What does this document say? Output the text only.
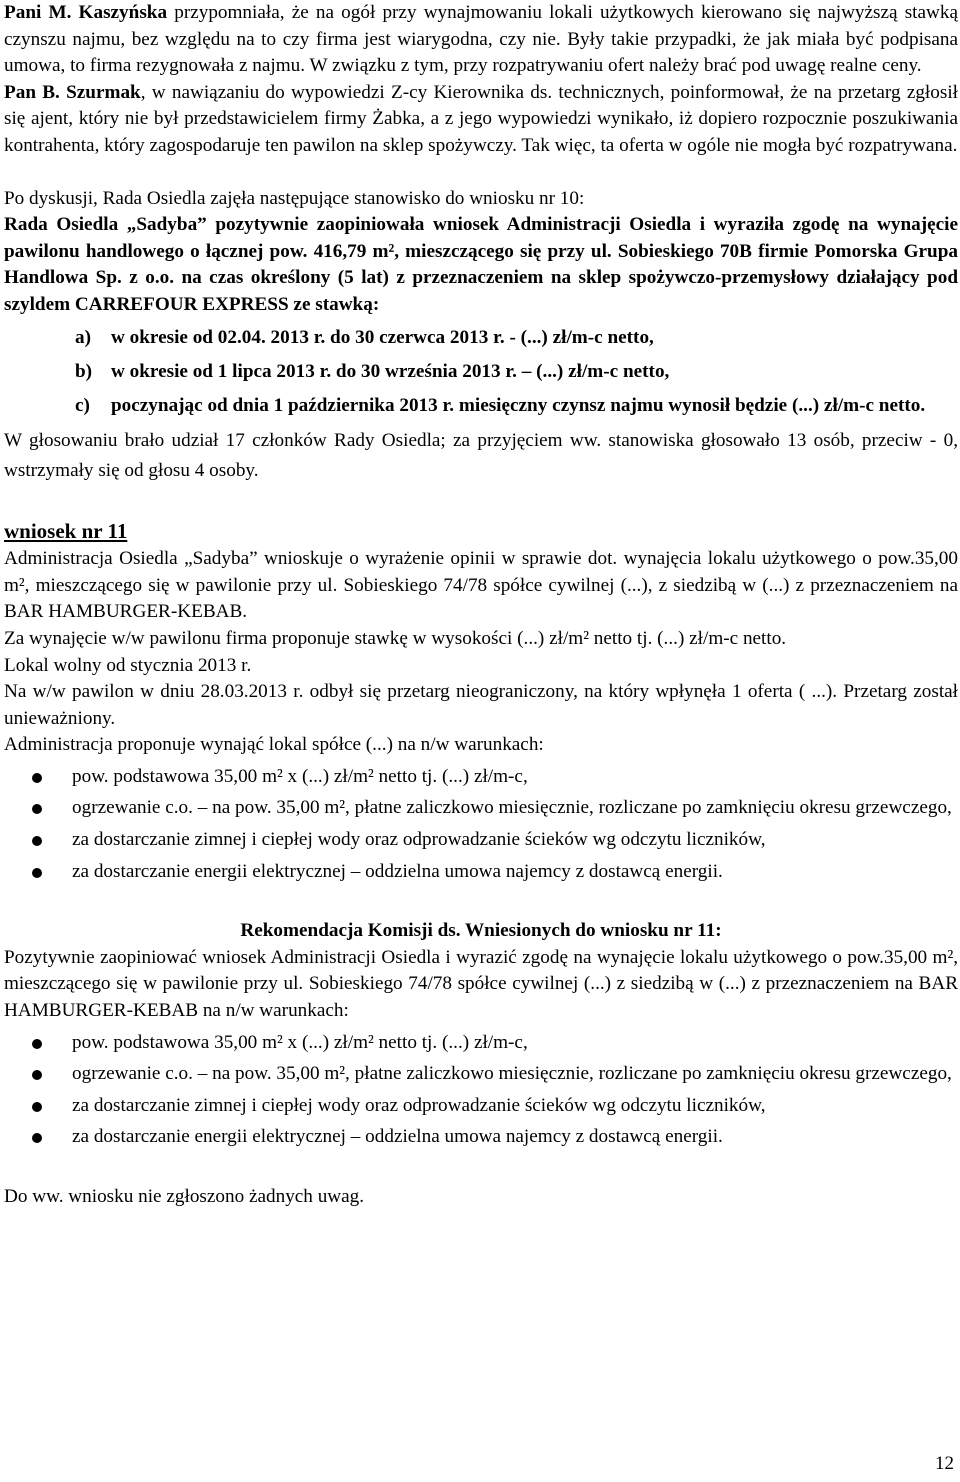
Pani M. Kaszyńska przypomniała, że na ogół przy wynajmowaniu lokali użytkowych kierowano się najwyższą stawką czynszu najmu, bez względu na to czy firma jest wiarygodna, czy nie. Były takie przypadki, że jak miała być podpisana umowa, to firma rezygnowała z najmu. W związku z tym, przy rozpatrywaniu ofert należy brać pod uwagę realne ceny.

Pan B. Szurmak, w nawiązaniu do wypowiedzi Z-cy Kierownika ds. technicznych, poinformował, że na przetarg zgłosił się ajent, który nie był przedstawicielem firmy Żabka, a z jego wypowiedzi wynikało, iż dopiero rozpocznie poszukiwania kontrahenta, który zagospodaruje ten pawilon na sklep spożywczy. Tak więc, ta oferta w ogóle nie mogła być rozpatrywana.

Po dyskusji, Rada Osiedla zajęła następujące stanowisko do wniosku nr 10:

Rada Osiedla „Sadyba” pozytywnie zaopiniowała wniosek Administracji Osiedla i wyraziła zgodę na wynajęcie pawilonu handlowego o łącznej pow. 416,79 m², mieszczącego się przy ul. Sobieskiego 70B firmie Pomorska Grupa Handlowa Sp. z o.o. na czas określony (5 lat) z przeznaczeniem na sklep spożywczo-przemysłowy działający pod szyldem CARREFOUR EXPRESS ze stawką:

a) w okresie od 02.04. 2013 r. do 30 czerwca 2013 r. - (...) zł/m-c netto,
b) w okresie od 1 lipca 2013 r. do 30 września 2013 r. – (...) zł/m-c netto,
c) poczynając od dnia 1 października 2013 r. miesięczny czynsz najmu wynosił będzie (...) zł/m-c netto.

W głosowaniu brało udział 17 członków Rady Osiedla; za przyjęciem ww. stanowiska głosowało 13 osób, przeciw - 0, wstrzymały się od głosu 4 osoby.

wniosek nr 11

Administracja Osiedla „Sadyba” wnioskuje o wyrażenie opinii w sprawie dot. wynajęcia lokalu użytkowego o pow.35,00 m², mieszczącego się w pawilonie przy ul. Sobieskiego 74/78 spółce cywilnej (...), z siedzibą w (...) z przeznaczeniem na BAR HAMBURGER-KEBAB.

Za wynajęcie w/w pawilonu firma proponuje stawkę w wysokości (...) zł/m² netto tj. (...) zł/m-c netto.

Lokal wolny od stycznia 2013 r.

Na w/w pawilon w dniu 28.03.2013 r. odbył się przetarg nieograniczony, na który wpłynęła 1 oferta ( ...). Przetarg został unieważniony.

Administracja proponuje wynająć lokal spółce (...) na n/w warunkach:

pow. podstawowa 35,00 m² x (...) zł/m² netto tj. (...) zł/m-c,
ogrzewanie c.o. – na pow. 35,00 m², płatne zaliczkowo miesięcznie, rozliczane po zamknięciu okresu grzewczego,
za dostarczanie zimnej i ciepłej wody oraz odprowadzanie ścieków wg odczytu liczników,
za dostarczanie energii elektrycznej – oddzielna umowa najemcy z dostawcą energii.

Rekomendacja Komisji ds. Wniesionych do wniosku nr 11:

Pozytywnie zaopiniować wniosek Administracji Osiedla i wyrazić zgodę na wynajęcie lokalu użytkowego o pow.35,00 m², mieszczącego się w pawilonie przy ul. Sobieskiego 74/78 spółce cywilnej (...) z siedzibą w (...) z przeznaczeniem na BAR HAMBURGER-KEBAB na n/w warunkach:

pow. podstawowa 35,00 m² x (...) zł/m² netto tj. (...) zł/m-c,
ogrzewanie c.o. – na pow. 35,00 m², płatne zaliczkowo miesięcznie, rozliczane po zamknięciu okresu grzewczego,
za dostarczanie zimnej i ciepłej wody oraz odprowadzanie ścieków wg odczytu liczników,
za dostarczanie energii elektrycznej – oddzielna umowa najemcy z dostawcą energii.

Do ww. wniosku nie zgłoszono żadnych uwag.

12
